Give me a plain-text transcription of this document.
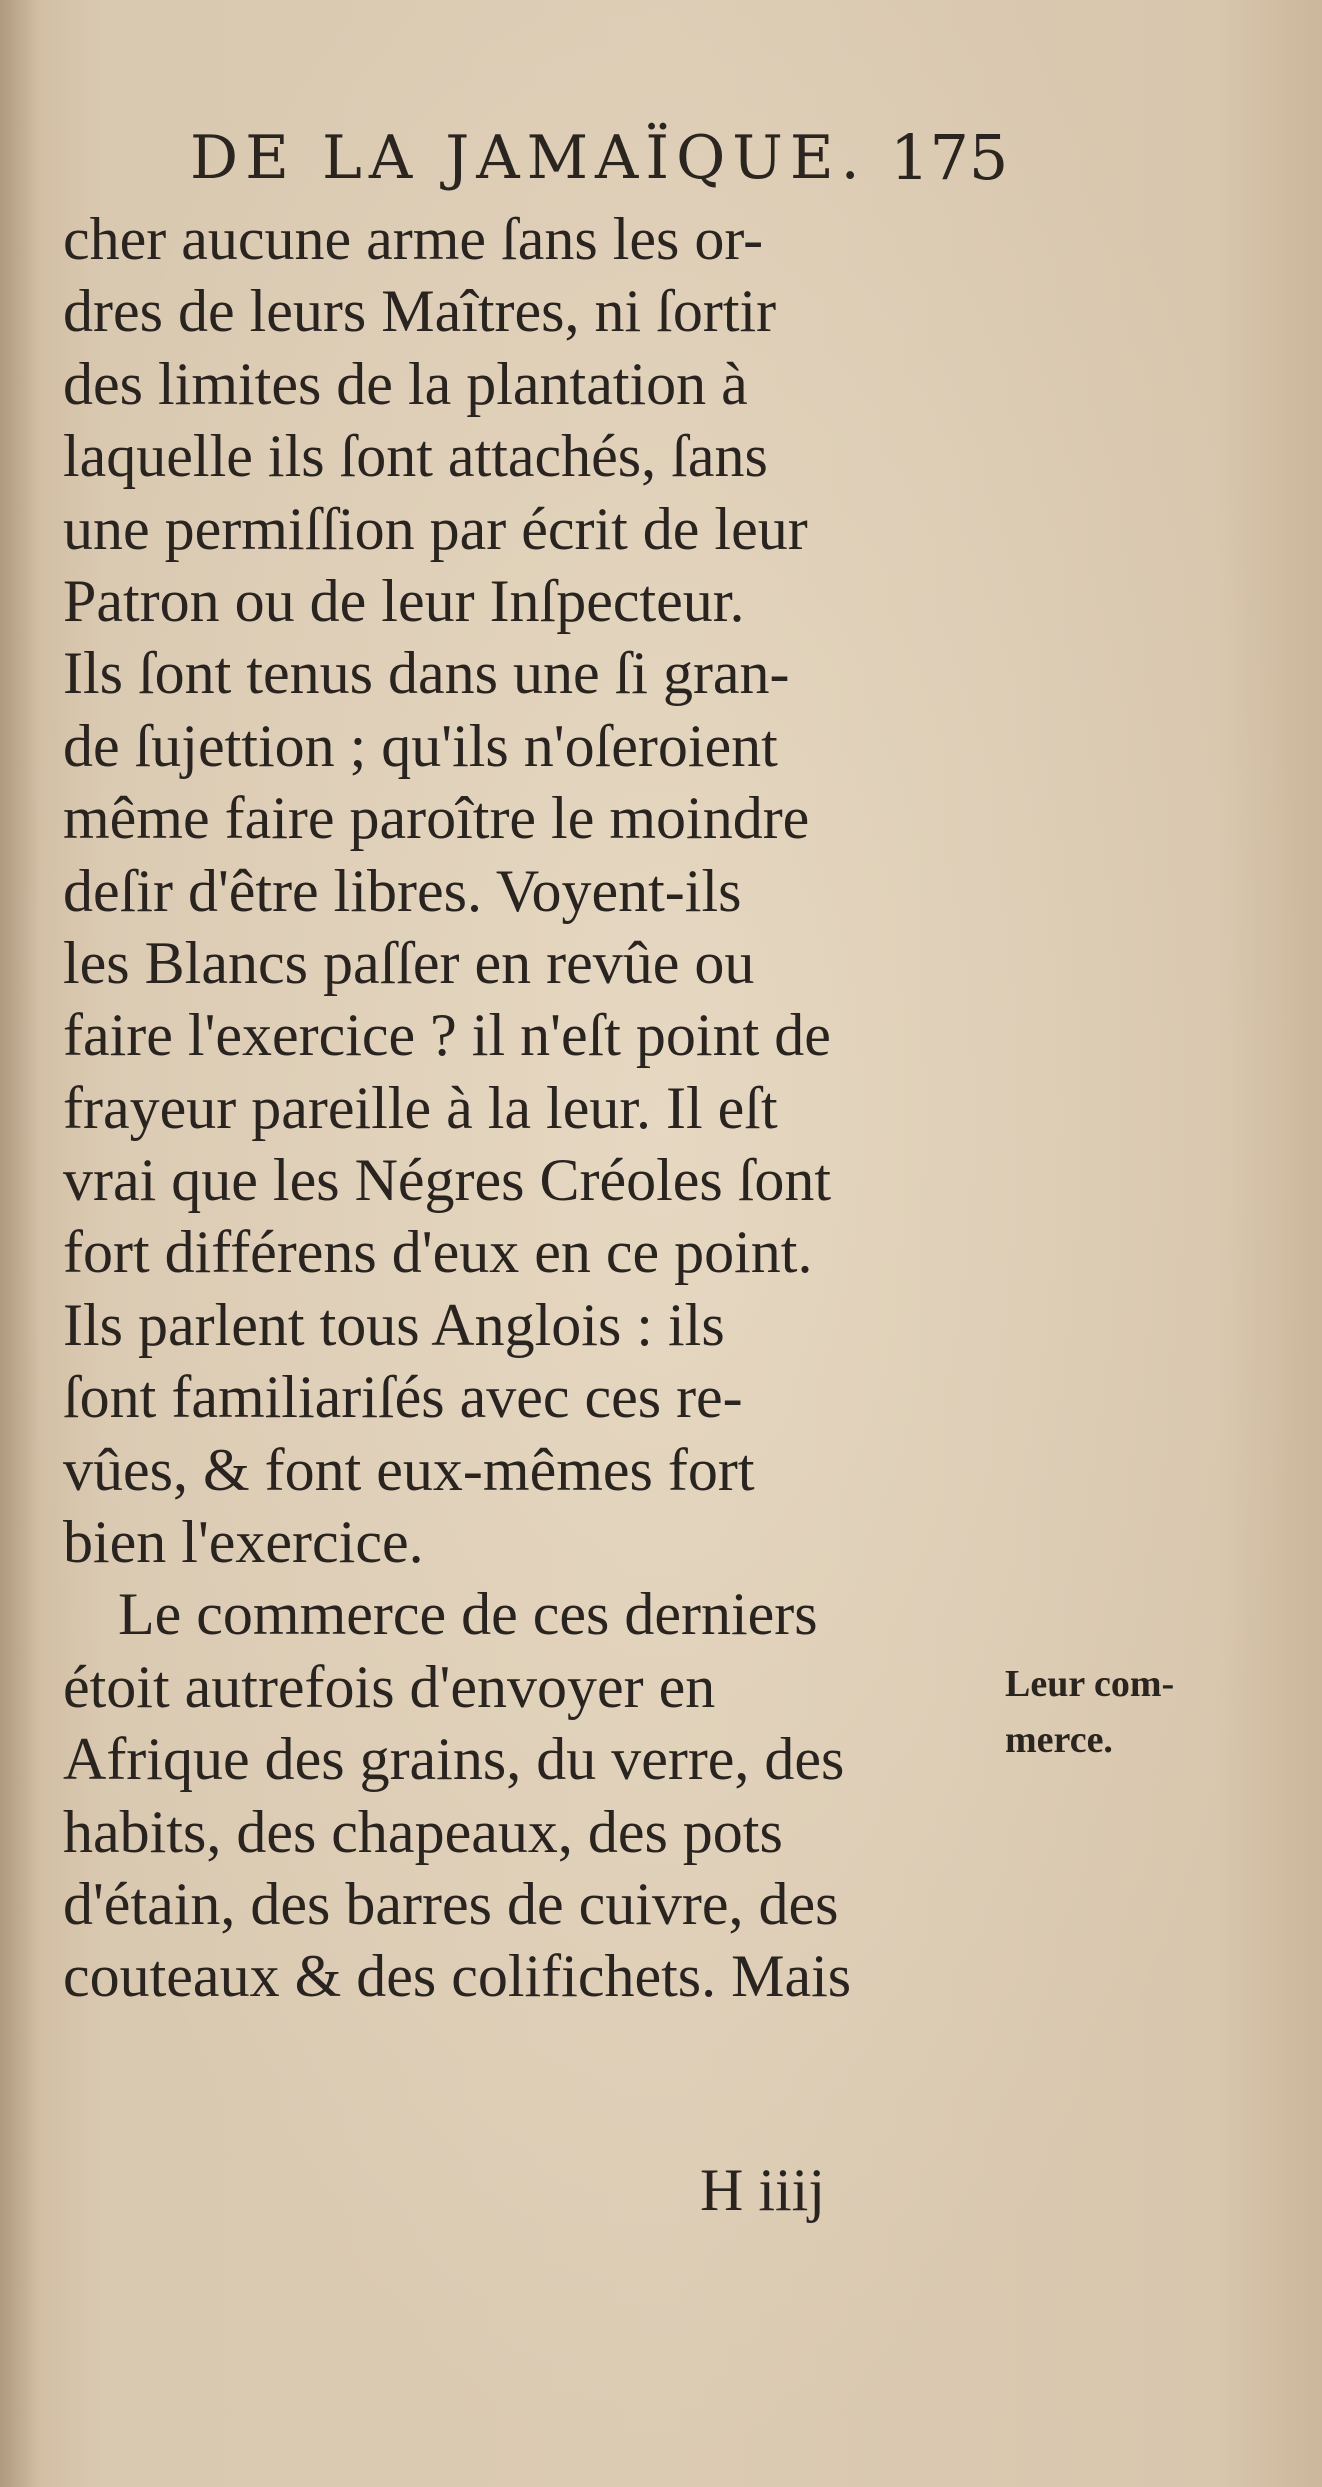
DE LA JAMAÏQUE. 175
cher aucune arme ſans les or-
dres de leurs Maîtres, ni ſortir
des limites de la plantation à
laquelle ils ſont attachés, ſans
une permiſſion par écrit de leur
Patron ou de leur Inſpecteur.
Ils ſont tenus dans une ſi gran-
de ſujettion ; qu'ils n'oſeroient
même faire paroître le moindre
deſir d'être libres. Voyent-ils
les Blancs paſſer en revûe ou
faire l'exercice ? il n'eſt point de
frayeur pareille à la leur. Il eſt
vrai que les Négres Créoles ſont
fort différens d'eux en ce point.
Ils parlent tous Anglois : ils
ſont familiariſés avec ces re-
vûes, & font eux-mêmes fort
bien l'exercice.
Le commerce de ces derniers
étoit autrefois d'envoyer en
Afrique des grains, du verre, des
habits, des chapeaux, des pots
d'étain, des barres de cuivre, des
couteaux & des colifichets. Mais
Leur com-
merce.
H iiij
